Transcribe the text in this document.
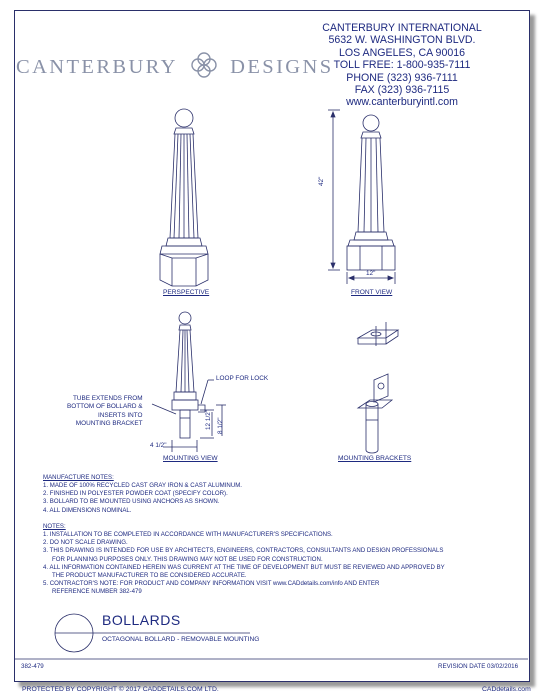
CANTERBURY	DESIGNS
CANTERBURY INTERNATIONAL
5632 W. WASHINGTON BLVD.
LOS ANGELES, CA 90016
TOLL FREE: 1-800-935-7111
PHONE (323) 936-7111
FAX (323) 936-7115
www.canterburyintl.com
42"
12"
12 1/2" 8 1/2"
4 1/2"
LOOP FOR LOCK
TUBE EXTENDS FROM
BOTTOM OF BOLLARD &
INSERTS INTO
MOUNTING BRACKET
PERSPECTIVE	FRONT VIEW
MOUNTING VIEW	MOUNTING BRACKETS
MANUFACTURE NOTES:
1. MADE OF 100% RECYCLED CAST GRAY IRON & CAST ALUMINUM.
2. FINISHED IN POLYESTER POWDER COAT (SPECIFY COLOR).
3. BOLLARD TO BE MOUNTED USING ANCHORS AS SHOWN.
4. ALL DIMENSIONS NOMINAL.
NOTES:
1. INSTALLATION TO BE COMPLETED IN ACCORDANCE WITH MANUFACTURER'S SPECIFICATIONS.
2. DO NOT SCALE DRAWING.
3. THIS DRAWING IS INTENDED FOR USE BY ARCHITECTS, ENGINEERS, CONTRACTORS, CONSULTANTS AND DESIGN PROFESSIONALS
FOR PLANNING PURPOSES ONLY. THIS DRAWING MAY NOT BE USED FOR CONSTRUCTION.
4. ALL INFORMATION CONTAINED HEREIN WAS CURRENT AT THE TIME OF DEVELOPMENT BUT MUST BE REVIEWED AND APPROVED BY
THE PRODUCT MANUFACTURER TO BE CONSIDERED ACCURATE.
5. CONTRACTOR'S NOTE: FOR PRODUCT AND COMPANY INFORMATION VISIT www.CADdetails.com/info AND ENTER
REFERENCE NUMBER 382-479
BOLLARDS
OCTAGONAL BOLLARD - REMOVABLE MOUNTING
382-479	REVISION DATE 03/02/2016
PROTECTED BY COPYRIGHT © 2017 CADDETAILS.COM LTD.	CADdetails.com
